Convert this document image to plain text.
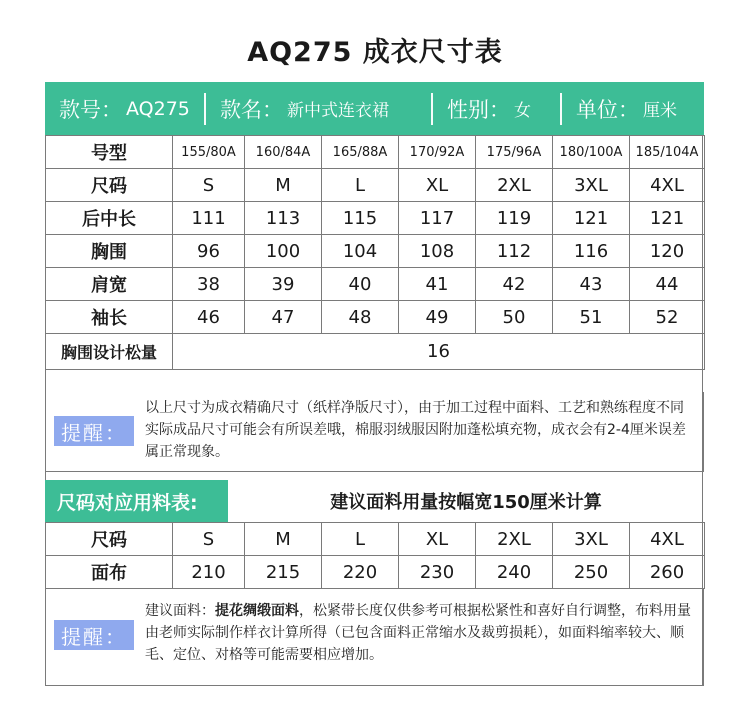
AQ275 成衣尺寸表
款号： AQ275 款名： 新中式连衣裙	性别： 女 单位： 厘米
号型	155/80A	160/84A	165/88A	170/92A	175/96A	180/100A	185/104A
尺码	S	M	L	XL	2XL	3XL	4XL
后中长	111	113	115	117	119	121	121
胸围	96	100	104	108	112	116	120
肩宽	38	39	40	41	42	43	44
袖长	46	47	48	49	50	51	52
胸围设计松量	16						
提醒：
以上尺寸为成衣精确尺寸（纸样净版尺寸），由于加工过程中面料、工艺和熟练程度不同实际成品尺寸可能会有所误差哦，棉服羽绒服因附加蓬松填充物，成衣会有2-4厘米误差属正常现象。
尺码对应用料表:	建议面料用量按幅宽150厘米计算
尺码	S	M	L	XL	2XL	3XL	4XL
面布	210	215	220	230	240	250	260
提醒：
建议面料：提花绸缎面料，松紧带长度仅供参考可根据松紧性和喜好自行调整，布料用量由老师实际制作样衣计算所得（已包含面料正常缩水及裁剪损耗），如面料缩率较大、顺毛、定位、对格等可能需要相应增加。
